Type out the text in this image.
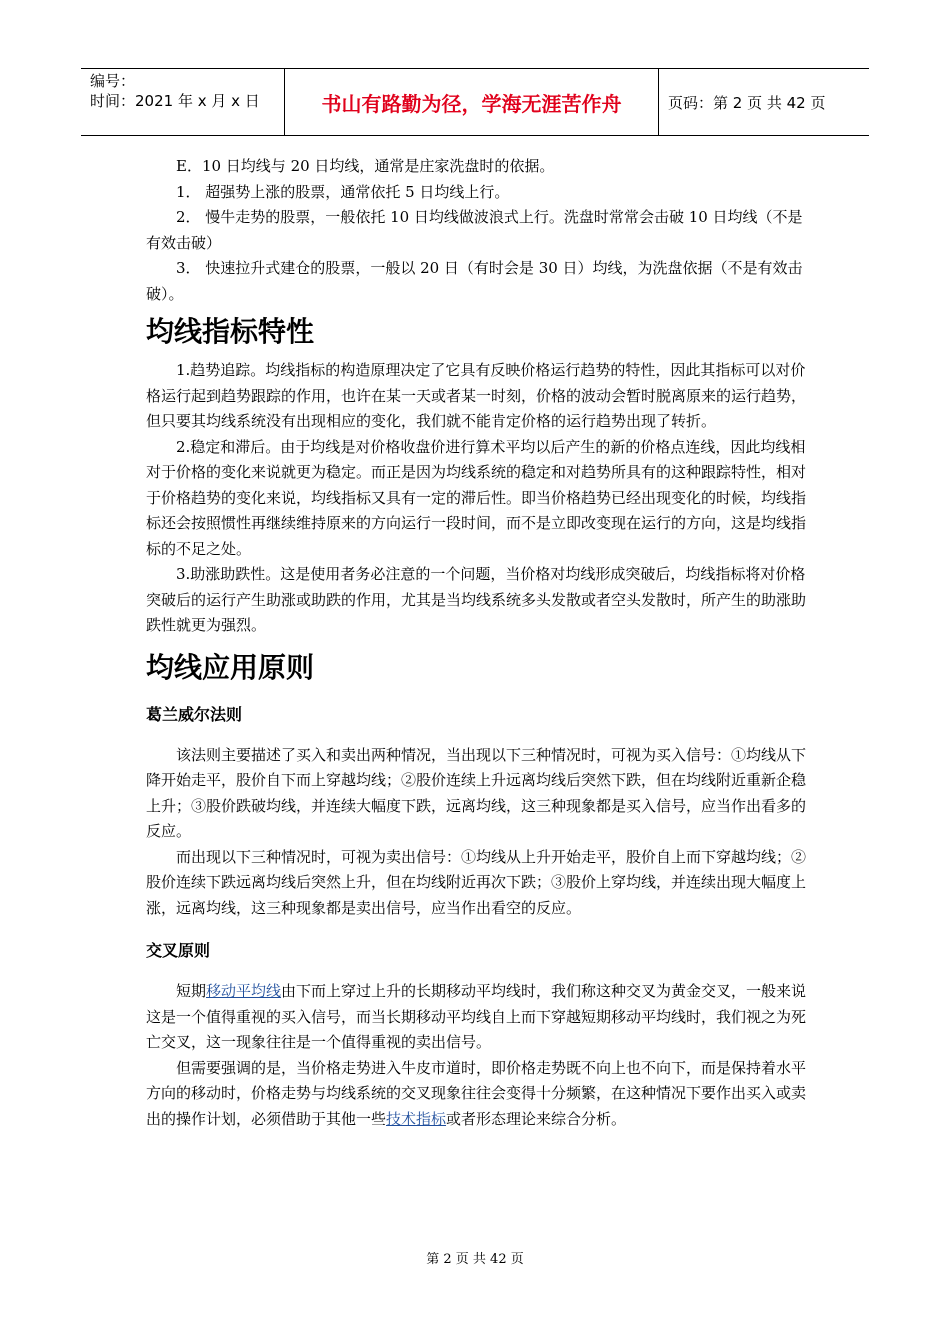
编号：
时间：2021 年 x 月 x 日	书山有路勤为径，学海无涯苦作舟	页码：第 2 页 共 42 页

E．10 日均线与 20 日均线，通常是庄家洗盘时的依据。

1． 超强势上涨的股票，通常依托 5 日均线上行。

2． 慢牛走势的股票，一般依托 10 日均线做波浪式上行。洗盘时常常会击破 10 日均线（不是有效击破）

3． 快速拉升式建仓的股票，一般以 20 日（有时会是 30 日）均线，为洗盘依据（不是有效击破）。

均线指标特性

1.趋势追踪。均线指标的构造原理决定了它具有反映价格运行趋势的特性，因此其指标可以对价格运行起到趋势跟踪的作用，也许在某一天或者某一时刻，价格的波动会暂时脱离原来的运行趋势，但只要其均线系统没有出现相应的变化，我们就不能肯定价格的运行趋势出现了转折。

2.稳定和滞后。由于均线是对价格收盘价进行算术平均以后产生的新的价格点连线，因此均线相对于价格的变化来说就更为稳定。而正是因为均线系统的稳定和对趋势所具有的这种跟踪特性，相对于价格趋势的变化来说，均线指标又具有一定的滞后性。即当价格趋势已经出现变化的时候，均线指标还会按照惯性再继续维持原来的方向运行一段时间，而不是立即改变现在运行的方向，这是均线指标的不足之处。

3.助涨助跌性。这是使用者务必注意的一个问题，当价格对均线形成突破后，均线指标将对价格突破后的运行产生助涨或助跌的作用，尤其是当均线系统多头发散或者空头发散时，所产生的助涨助跌性就更为强烈。

均线应用原则
葛兰威尔法则

该法则主要描述了买入和卖出两种情况，当出现以下三种情况时，可视为买入信号：①均线从下降开始走平，股价自下而上穿越均线；②股价连续上升远离均线后突然下跌，但在均线附近重新企稳上升；③股价跌破均线，并连续大幅度下跌，远离均线，这三种现象都是买入信号，应当作出看多的反应。

而出现以下三种情况时，可视为卖出信号：①均线从上升开始走平，股价自上而下穿越均线；②股价连续下跌远离均线后突然上升，但在均线附近再次下跌；③股价上穿均线，并连续出现大幅度上涨，远离均线，这三种现象都是卖出信号，应当作出看空的反应。

交叉原则

短期移动平均线由下而上穿过上升的长期移动平均线时，我们称这种交叉为黄金交叉，一般来说这是一个值得重视的买入信号，而当长期移动平均线自上而下穿越短期移动平均线时，我们视之为死亡交叉，这一现象往往是一个值得重视的卖出信号。

但需要强调的是，当价格走势进入牛皮市道时，即价格走势既不向上也不向下，而是保持着水平方向的移动时，价格走势与均线系统的交叉现象往往会变得十分频繁，在这种情况下要作出买入或卖出的操作计划，必须借助于其他一些技术指标或者形态理论来综合分析。

第 2 页 共 42 页
